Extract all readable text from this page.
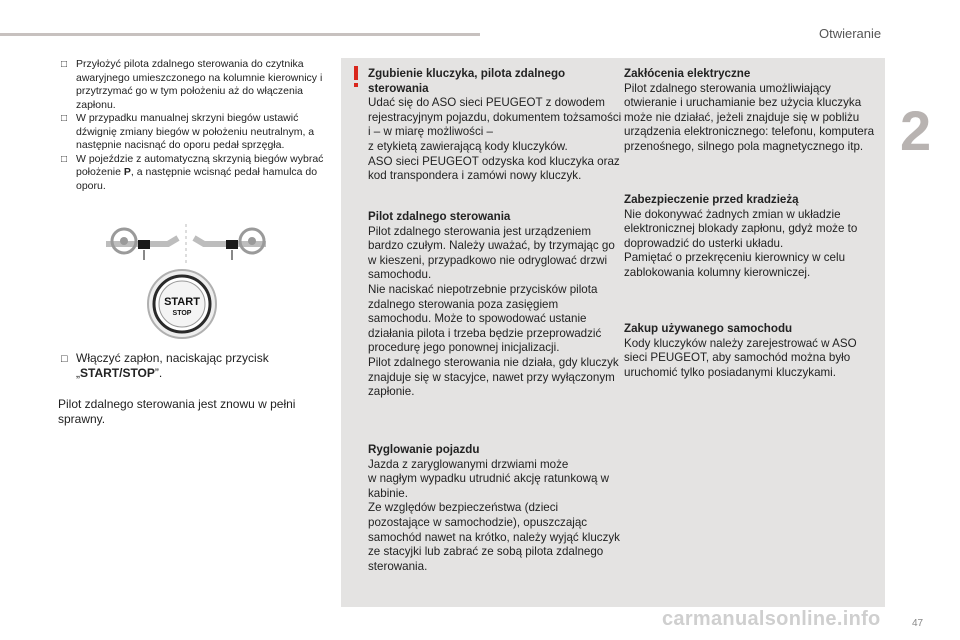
Otwieranie
2

□ Przyłożyć pilota zdalnego sterowania do czytnika awaryjnego umieszczonego na kolumnie kierownicy i przytrzymać go w tym położeniu aż do włączenia zapłonu.

□ W przypadku manualnej skrzyni biegów ustawić dźwignię zmiany biegów w położeniu neutralnym, a następnie nacisnąć do oporu pedał sprzęgła.

□ W pojeździe z automatyczną skrzynią biegów wybrać położenie P, a następnie wcisnąć pedał hamulca do oporu.

START
STOP

□ Włączyć zapłon, naciskając przycisk „START/STOP”.

Pilot zdalnego sterowania jest znowu w pełni sprawny.
Zgubienie kluczyka, pilota zdalnego sterowania

Udać się do ASO sieci PEUGEOT z dowodem rejestracyjnym pojazdu, dokumentem tożsamości i – w miarę możliwości –
z etykietą zawierającą kody kluczyków.
ASO sieci PEUGEOT odzyska kod kluczyka oraz kod transpondera i zamówi nowy kluczyk.

Pilot zdalnego sterowania

Pilot zdalnego sterowania jest urządzeniem bardzo czułym. Należy uważać, by trzymając go w kieszeni, przypadkowo nie odryglować drzwi samochodu.
Nie naciskać niepotrzebnie przycisków pilota zdalnego sterowania poza zasięgiem samochodu. Może to spowodować ustanie działania pilota i trzeba będzie przeprowadzić procedurę jego ponownej inicjalizacji.
Pilot zdalnego sterowania nie działa, gdy kluczyk znajduje się w stacyjce, nawet przy wyłączonym zapłonie.

Ryglowanie pojazdu

Jazda z zaryglowanymi drzwiami może
w nagłym wypadku utrudnić akcję ratunkową w kabinie.
Ze względów bezpieczeństwa (dzieci pozostające w samochodzie), opuszczając samochód nawet na krótko, należy wyjąć kluczyk ze stacyjki lub zabrać ze sobą pilota zdalnego sterowania.

Zakłócenia elektryczne

Pilot zdalnego sterowania umożliwiający otwieranie i uruchamianie bez użycia kluczyka może nie działać, jeżeli znajduje się w pobliżu urządzenia elektronicznego: telefonu, komputera przenośnego, silnego pola magnetycznego itp.

Zabezpieczenie przed kradzieżą

Nie dokonywać żadnych zmian w układzie elektronicznej blokady zapłonu, gdyż może to doprowadzić do usterki układu.
Pamiętać o przekręceniu kierownicy w celu zablokowania kolumny kierowniczej.

Zakup używanego samochodu

Kody kluczyków należy zarejestrować w ASO sieci PEUGEOT, aby samochód można było uruchomić tylko posiadanymi kluczykami.

carmanualsonline.info	47
